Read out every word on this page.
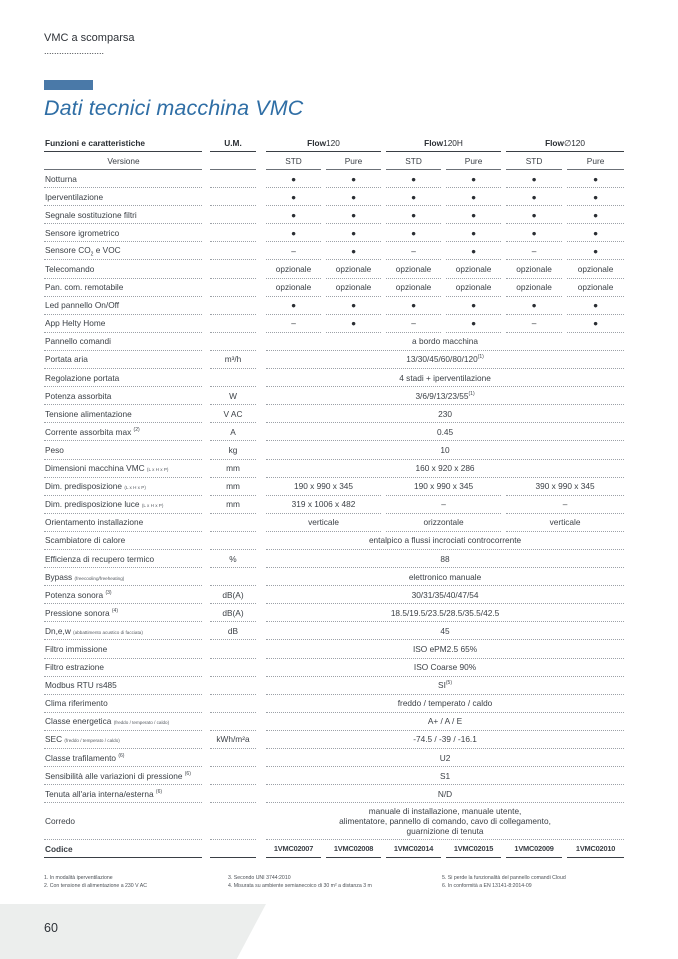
VMC a scomparsa
........................
Dati tecnici macchina VMC
Funzioni e caratteristiche		U.M.		Flow120				Flow120H				Flow∅120		
Versione				STD		Pure		STD		Pure		STD		Pure
Notturna				●		●		●		●		●		●
Iperventilazione				●		●		●		●		●		●
Segnale sostituzione filtri				●		●		●		●		●		●
Sensore igrometrico				●		●		●		●		●		●
Sensore $CO_2$ e VOC				–		●		–		●		–		●
Telecomando				opzionale		opzionale		opzionale		opzionale		opzionale		opzionale
Pan. com. remotabile				opzionale		opzionale		opzionale		opzionale		opzionale		opzionale
Led pannello On/Off				●		●		●		●		●		●
App Helty Home				–		●		–		●		–		●
Pannello comandi				a bordo macchina										
Portata aria		m³/h		13/30/45/60/80/120$^{(1)}$
Regolazione portata				4 stadi + iperventilazione										
Potenza assorbita		W		3/6/9/13/23/55$^{(1)}$
Tensione alimentazione		V AC		230										
Corrente assorbita max $^{(2)}$		A		0.45										
Peso		kg		10										
Dimensioni macchina VMC (L x H x P)		mm		160 x 920 x 286										
Dim. predisposizione (L x H x P)		mm		190 x 990 x 345				190 x 990 x 345				390 x 990 x 345		
Dim. predisposizione luce (L x H x P)		mm		319 x 1006 x 482				–				–		
Orientamento installazione				verticale				orizzontale				verticale		
Scambiatore di calore				entalpico a flussi incrociati controcorrente										
Efficienza di recupero termico		%		88										
Bypass (freecooling/freeheating)				elettronico manuale										
Potenza sonora $^{(3)}$		dB(A)		30/31/35/40/47/54										
Pressione sonora $^{(4)}$		dB(A)		18.5/19.5/23.5/28.5/35.5/42.5										
Dn,e,w (abbattimento acustico di facciata)		dB		45										
Filtro immissione				ISO ePM2.5 65%										
Filtro estrazione				ISO Coarse 90%										
Modbus RTU rs485				SI$^{(5)}$
Clima riferimento				freddo / temperato / caldo										
Classe energetica (freddo / temperato / caldo)				A+ / A / E										
SEC (freddo / temperato / caldo)		kWh/m²a		-74.5 / -39 / -16.1										
Classe trafilamento $^{(6)}$				U2										
Sensibilità alle variazioni di pressione $^{(6)}$				S1										
Tenuta all'aria interna/esterna $^{(6)}$				N/D										
Corredo				manuale di installazione, manuale utente,
alimentatore, pannello di comando, cavo di collegamento,
guarnizione di tenuta										

Codice				1VMC02007		1VMC02008		1VMC02014		1VMC02015		1VMC02009		1VMC02010
1. In modalità iperventilazione
2. Con tensione di alimentazione a 230 V AC
3. Secondo UNI 3744:2010
4. Misurata su ambiente semianecoico di 30 m² a distanza 3 m
5. Si perde la funzionalità del pannello comandi Cloud
6. In conformità a EN 13141-8:2014-09
60
